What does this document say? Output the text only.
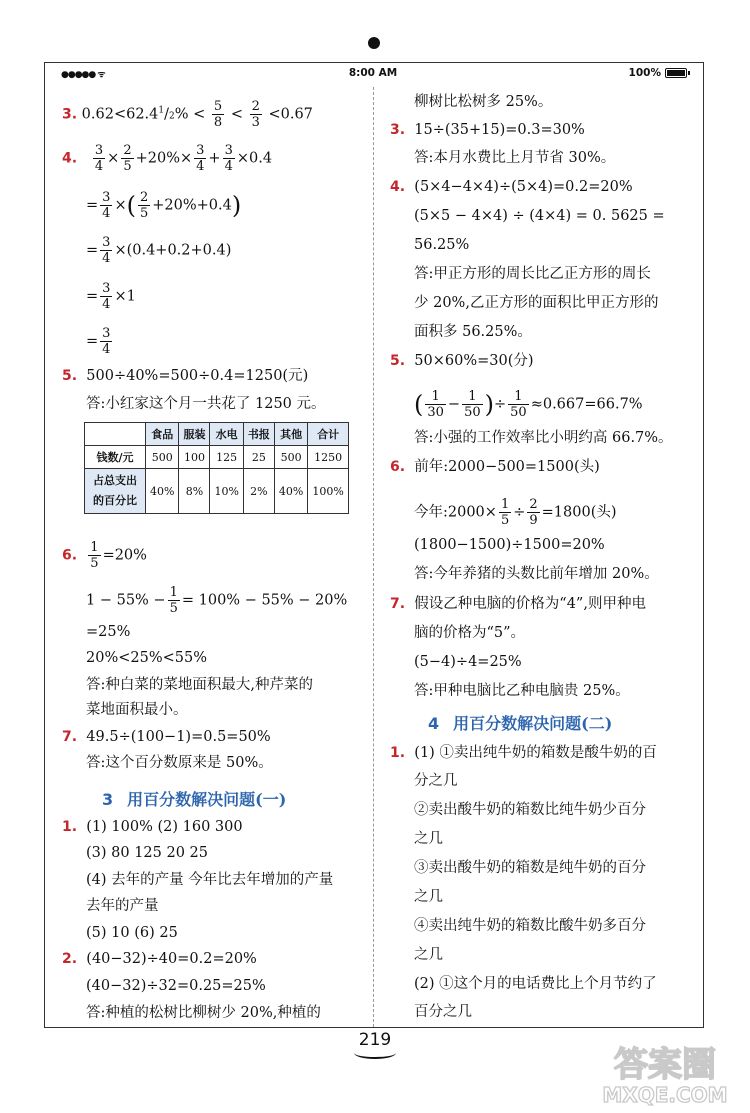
●●●●● ᯤ	8:00 AM	100%
3. $0.62<62.4^1/2\% < \frac{5}{8} < \frac{2}{3} <0.67$
4. $\frac{3}{4} \times \frac{2}{5} +20\%\times \frac{3}{4} + \frac{3}{4} \times 0.4$
= $\frac{3}{4}$ ×( $\frac{2}{5} +20\%+0.4$)
= $\frac{3}{4} \times(0.4+0.2+0.4)$
= $\frac{3}{4} \times 1$
= $\frac{3}{4}$
5. 500÷40%=500÷0.4=1250(元)
答:小红家这个月一共花了 1250 元。
	食品	服装	水电	书报	其他	合计
钱数/元	500	100	125	25	500	1250
占总支出
的百分比	40%	8%	10%	2%	40%	100%
6. $\frac{1}{5} =20\%$
$1 - 55\% - \frac{1}{5} = 100\% - 55\% - 20\%$
=25%
20%<25%<55%
答:种白菜的菜地面积最大,种芹菜的
菜地面积最小。
7. 49.5÷(100−1)=0.5=50%
答:这个百分数原来是 50%。
3 用百分数解决问题(一)
1. (1) 100% (2) 160 300
(3) 80 125 20 25
(4) 去年的产量 今年比去年增加的产量
去年的产量
(5) 10 (6) 25
2. (40−32)÷40=0.2=20%
(40−32)÷32=0.25=25%
答:种植的松树比柳树少 20%,种植的
柳树比松树多 25%。
3. 15÷(35+15)=0.3=30%
答:本月水费比上月节省 30%。
4. (5×4−4×4)÷(5×4)=0.2=20%
(5×5 − 4×4) ÷ (4×4) = 0. 5625 =
56.25%
答:甲正方形的周长比乙正方形的周长
少 20%,乙正方形的面积比甲正方形的
面积多 56.25%。
5. 50×60%=30(分)
( $\frac{1}{30} - \frac{1}{50}$ )÷ $\frac{1}{50} \approx 0.667=66.7\%$
答:小强的工作效率比小明约高 66.7%。
6. 前年:2000−500=1500(头)
今年:2000× $\frac{1}{5} \div \frac{2}{9} =1800$(头)
(1800−1500)÷1500=20%
答:今年养猪的头数比前年增加 20%。
7. 假设乙种电脑的价格为“4”,则甲种电
脑的价格为“5”。
(5−4)÷4=25%
答:甲种电脑比乙种电脑贵 25%。
4 用百分数解决问题(二)
1. (1) ①卖出纯牛奶的箱数是酸牛奶的百
分之几
②卖出酸牛奶的箱数比纯牛奶少百分
之几
③卖出酸牛奶的箱数是纯牛奶的百分
之几
④卖出纯牛奶的箱数比酸牛奶多百分
之几
(2) ①这个月的电话费比上个月节约了
百分之几
219
答案圈
MXQE.COM
